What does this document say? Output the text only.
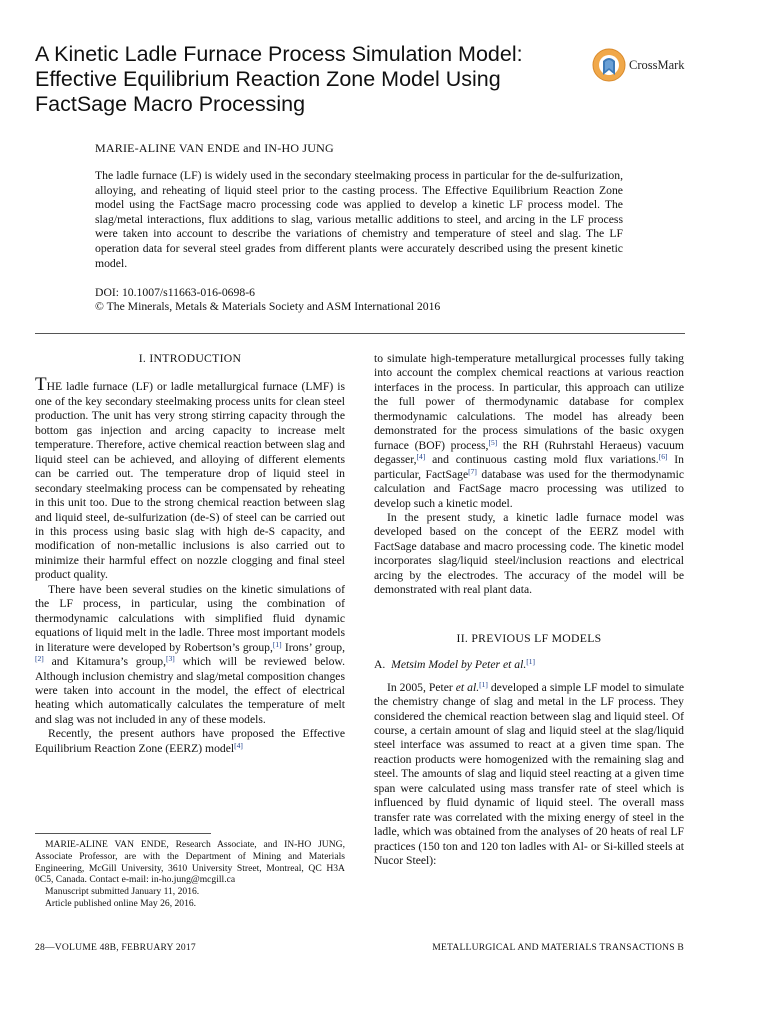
A Kinetic Ladle Furnace Process Simulation Model: Effective Equilibrium Reaction Zone Model Using FactSage Macro Processing
CrossMark
MARIE-ALINE VAN ENDE and IN-HO JUNG

The ladle furnace (LF) is widely used in the secondary steelmaking process in particular for the de-sulfurization, alloying, and reheating of liquid steel prior to the casting process. The Effective Equilibrium Reaction Zone model using the FactSage macro processing code was applied to develop a kinetic LF process model. The slag/metal interactions, flux additions to slag, various metallic additions to steel, and arcing in the LF process were taken into account to describe the variations of chemistry and temperature of steel and slag. The LF operation data for several steel grades from different plants were accurately described using the present kinetic model.

DOI: 10.1007/s11663-016-0698-6
© The Minerals, Metals & Materials Society and ASM International 2016
I. INTRODUCTION

THE ladle furnace (LF) or ladle metallurgical furnace (LMF) is one of the key secondary steelmaking process units for clean steel production. The unit has very strong stirring capacity through the bottom gas injection and arcing capacity to increase melt temperature. Therefore, active chemical reaction between slag and liquid steel can be achieved, and alloying of different elements can be carried out. The temperature drop of liquid steel in secondary steelmaking process can be compensated by reheating in this unit too. Due to the strong chemical reaction between slag and liquid steel, de-sulfurization (de-S) of steel can be carried out in this process using basic slag with high de-S capacity, and modification of non-metallic inclusions is also carried out to minimize their harmful effect on nozzle clogging and final steel product quality.

There have been several studies on the kinetic simulations of the LF process, in particular, using the combination of thermodynamic calculations with simplified fluid dynamic equations of liquid melt in the ladle. Three most important models in literature were developed by Robertson’s group,[1] Irons’ group,[2] and Kitamura’s group,[3] which will be reviewed below. Although inclusion chemistry and slag/metal composition changes were taken into account in the model, the effect of electrical heating which automatically calculates the temperature of melt and slag was not included in any of these models.

Recently, the present authors have proposed the Effective Equilibrium Reaction Zone (EERZ) model[4]

to simulate high-temperature metallurgical processes fully taking into account the complex chemical reactions at various reaction interfaces in the process. In particular, this approach can utilize the full power of thermodynamic database for complex thermodynamic calculations. The model has already been demonstrated for the process simulations of the basic oxygen furnace (BOF) process,[5] the RH (Ruhrstahl Heraeus) vacuum degasser,[4] and continuous casting mold flux variations.[6] In particular, FactSage[7] database was used for the thermodynamic calculation and FactSage macro processing was utilized to develop such a kinetic model.

In the present study, a kinetic ladle furnace model was developed based on the concept of the EERZ model with FactSage database and macro processing code. The kinetic model incorporates slag/liquid steel/inclusion reactions and electrical arcing by the electrodes. The accuracy of the model will be demonstrated with real plant data.

II. PREVIOUS LF MODELS
A. Metsim Model by Peter et al.[1]

In 2005, Peter et al.[1] developed a simple LF model to simulate the chemistry change of slag and metal in the LF process. They considered the chemical reaction between slag and liquid steel. Of course, a certain amount of slag and liquid steel at the slag/liquid steel interface was assumed to react at a given time span. The reaction products were homogenized with the remaining slag and steel. The amounts of slag and liquid steel reacting at a given time span were calculated using mass transfer rate of steel which is influenced by fluid dynamic of liquid steel. The overall mass transfer rate was correlated with the mixing energy of steel in the ladle, which was obtained from the analyses of 20 heats of real LF practices (150 ton and 120 ton ladles with Al- or Si-killed steels at Nucor Steel):

MARIE-ALINE VAN ENDE, Research Associate, and IN-HO JUNG, Associate Professor, are with the Department of Mining and Materials Engineering, McGill University, 3610 University Street, Montreal, QC H3A 0C5, Canada. Contact e-mail: in-ho.jung@mcgill.ca

Manuscript submitted January 11, 2016.

Article published online May 26, 2016.

28—VOLUME 48B, FEBRUARY 2017	METALLURGICAL AND MATERIALS TRANSACTIONS B
